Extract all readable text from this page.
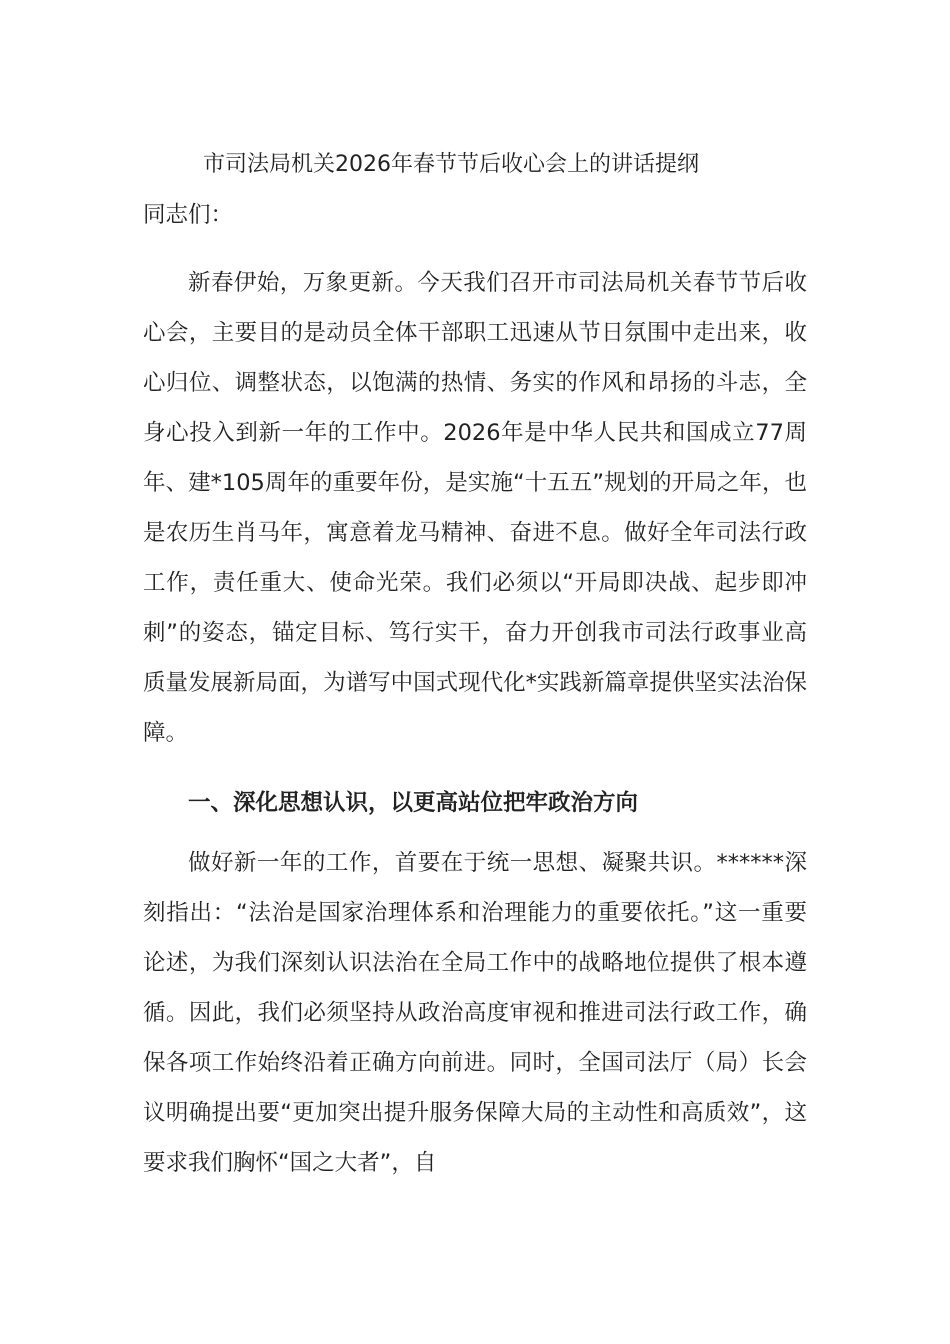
市司法局机关2026年春节节后收心会上的讲话提纲

同志们：

新春伊始，万象更新。今天我们召开市司法局机关春节节后收心会，主要目的是动员全体干部职工迅速从节日氛围中走出来，收心归位、调整状态，以饱满的热情、务实的作风和昂扬的斗志，全身心投入到新一年的工作中。2026年是中华人民共和国成立77周年、建*105周年的重要年份，是实施“十五五”规划的开局之年，也是农历生肖马年，寓意着龙马精神、奋进不息。做好全年司法行政工作，责任重大、使命光荣。我们必须以“开局即决战、起步即冲刺”的姿态，锚定目标、笃行实干，奋力开创我市司法行政事业高质量发展新局面，为谱写中国式现代化*实践新篇章提供坚实法治保障。

一、深化思想认识，以更高站位把牢政治方向

做好新一年的工作，首要在于统一思想、凝聚共识。******深刻指出：“法治是国家治理体系和治理能力的重要依托。”这一重要论述，为我们深刻认识法治在全局工作中的战略地位提供了根本遵循。因此，我们必须坚持从政治高度审视和推进司法行政工作，确保各项工作始终沿着正确方向前进。同时，全国司法厅（局）长会议明确提出要“更加突出提升服务保障大局的主动性和高质效”，这要求我们胸怀“国之大者”，自
